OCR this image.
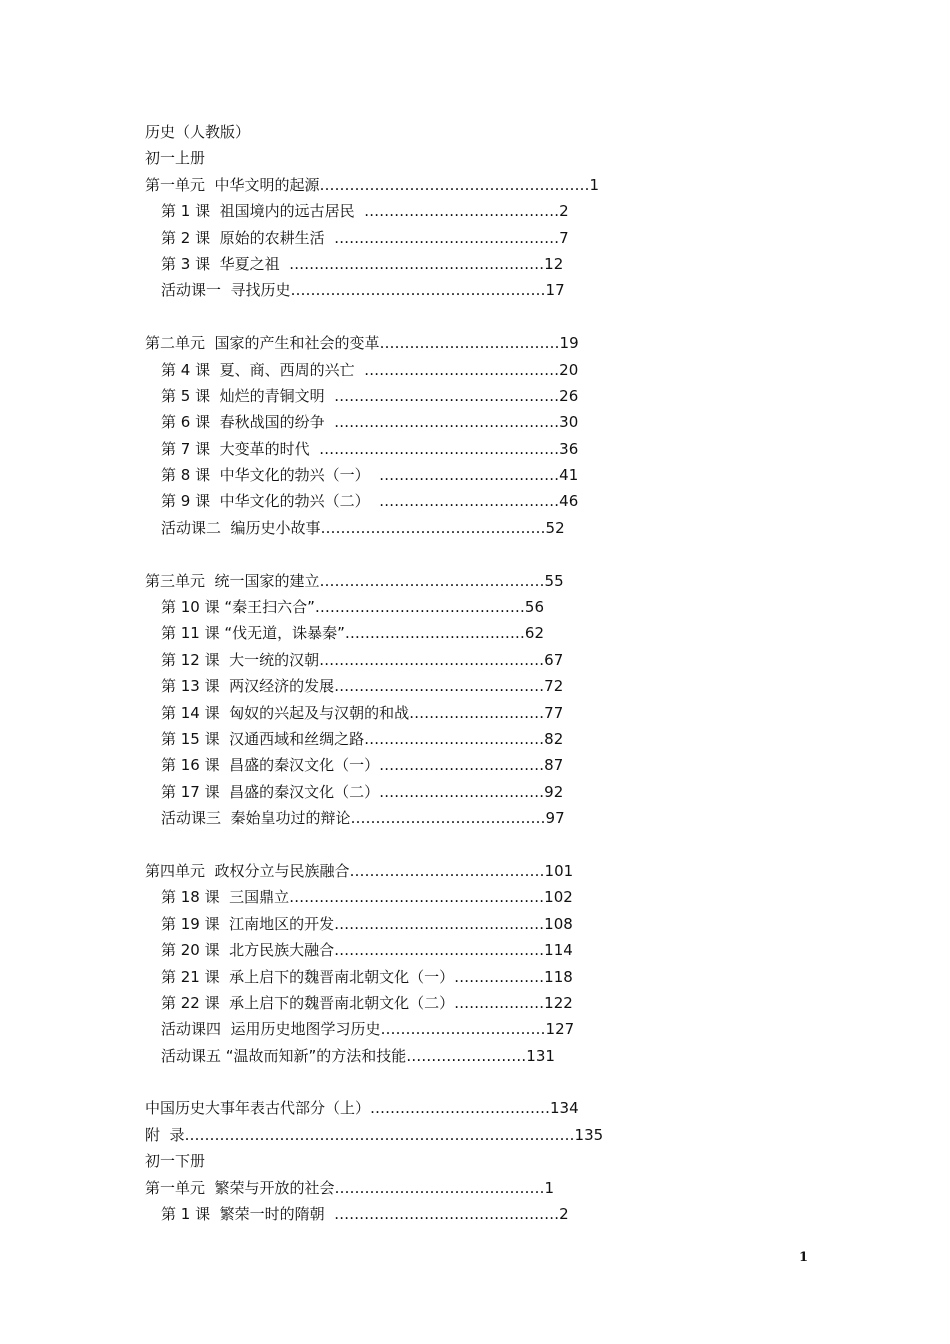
历史（人教版）
初一上册
第一单元  中华文明的起源………………………………………………1
第 1 课  祖国境内的远古居民  …………………………………2
第 2 课  原始的农耕生活  ………………………………………7
第 3 课  华夏之祖  ……………………………………………12
活动课一  寻找历史……………………………………………17
第二单元  国家的产生和社会的变革………………………………19
第 4 课  夏、商、西周的兴亡  …………………………………20
第 5 课  灿烂的青铜文明  ………………………………………26
第 6 课  春秋战国的纷争  ………………………………………30
第 7 课  大变革的时代  …………………………………………36
第 8 课  中华文化的勃兴（一）  ………………………………41
第 9 课  中华文化的勃兴（二）  ………………………………46
活动课二  编历史小故事………………………………………52
第三单元  统一国家的建立………………………………………55
第 10 课 “秦王扫六合”……………………………………56
第 11 课 “伐无道，诛暴秦”………………………………62
第 12 课  大一统的汉朝………………………………………67
第 13 课  两汉经济的发展……………………………………72
第 14 课  匈奴的兴起及与汉朝的和战………………………77
第 15 课  汉通西域和丝绸之路………………………………82
第 16 课  昌盛的秦汉文化（一）……………………………87
第 17 课  昌盛的秦汉文化（二）……………………………92
活动课三  秦始皇功过的辩论…………………………………97
第四单元  政权分立与民族融合…………………………………101
第 18 课  三国鼎立……………………………………………102
第 19 课  江南地区的开发……………………………………108
第 20 课  北方民族大融合……………………………………114
第 21 课  承上启下的魏晋南北朝文化（一）………………118
第 22 课  承上启下的魏晋南北朝文化（二）………………122
活动课四  运用历史地图学习历史……………………………127
活动课五 “温故而知新”的方法和技能……………………131
中国历史大事年表古代部分（上）………………………………134
附  录……………………………………………………………………135
初一下册
第一单元  繁荣与开放的社会……………………………………1
第 1 课  繁荣一时的隋朝  ………………………………………2
1
